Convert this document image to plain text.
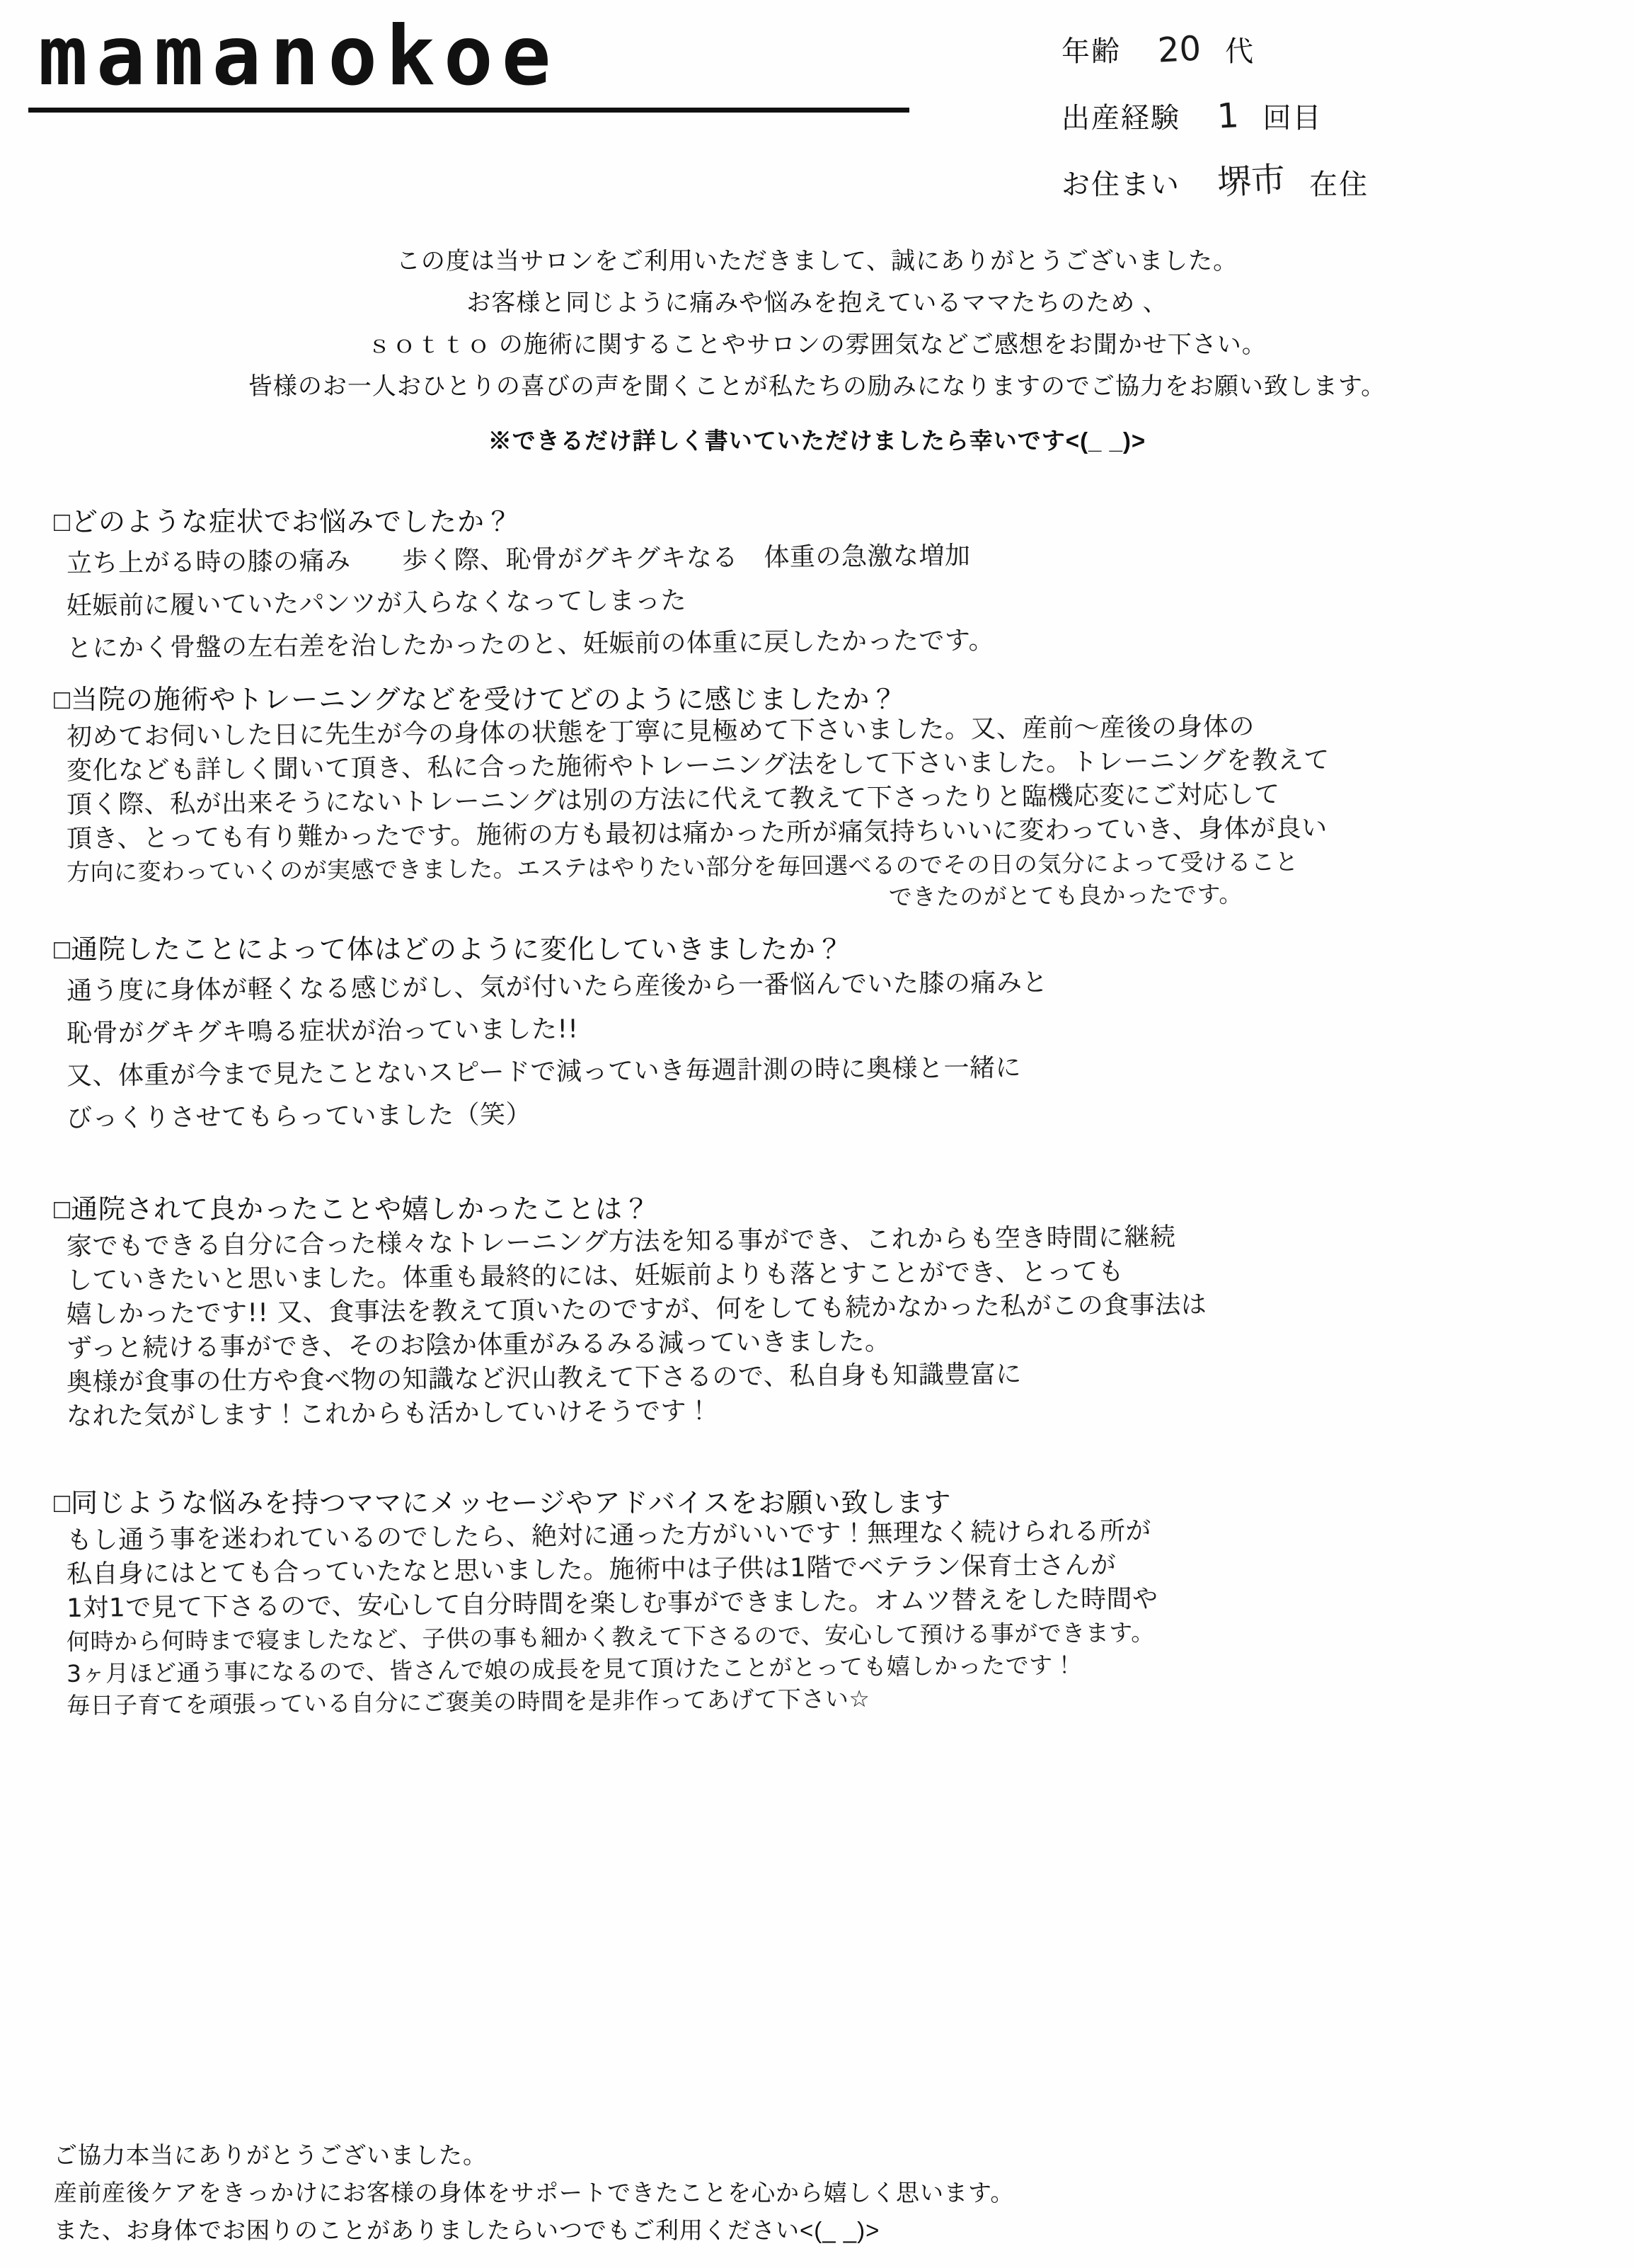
mamanokoe	年齢 20 代
出産経験 1 回目
お住まい 堺市 在住

この度は当サロンをご利用いただきまして、誠にありがとうございました。

お客様と同じように痛みや悩みを抱えているママたちのため 、

ｓｏｔｔｏ の施術に関することやサロンの雰囲気などご感想をお聞かせ下さい。

皆様のお一人おひとりの喜びの声を聞くことが私たちの励みになりますのでご協力をお願い致します。

※できるだけ詳しく書いていただけましたら幸いです<(_ _)>

□どのような症状でお悩みでしたか？
立ち上がる時の膝の痛み　　歩く際、恥骨がグキグキなる　体重の急激な増加
妊娠前に履いていたパンツが入らなくなってしまった
とにかく骨盤の左右差を治したかったのと、妊娠前の体重に戻したかったです。
□当院の施術やトレーニングなどを受けてどのように感じましたか？
初めてお伺いした日に先生が今の身体の状態を丁寧に見極めて下さいました。又、産前〜産後の身体の
変化なども詳しく聞いて頂き、私に合った施術やトレーニング法をして下さいました。トレーニングを教えて
頂く際、私が出来そうにないトレーニングは別の方法に代えて教えて下さったりと臨機応変にご対応して
頂き、とっても有り難かったです。施術の方も最初は痛かった所が痛気持ちいいに変わっていき、身体が良い
方向に変わっていくのが実感できました。エステはやりたい部分を毎回選べるのでその日の気分によって受けること
できたのがとても良かったです。
□通院したことによって体はどのように変化していきましたか？
通う度に身体が軽くなる感じがし、気が付いたら産後から一番悩んでいた膝の痛みと
恥骨がグキグキ鳴る症状が治っていました!!
又、体重が今まで見たことないスピードで減っていき毎週計測の時に奥様と一緒に
びっくりさせてもらっていました（笑）
□通院されて良かったことや嬉しかったことは？
家でもできる自分に合った様々なトレーニング方法を知る事ができ、これからも空き時間に継続
していきたいと思いました。体重も最終的には、妊娠前よりも落とすことができ、とっても
嬉しかったです!! 又、食事法を教えて頂いたのですが、何をしても続かなかった私がこの食事法は
ずっと続ける事ができ、そのお陰か体重がみるみる減っていきました。
奥様が食事の仕方や食べ物の知識など沢山教えて下さるので、私自身も知識豊富に
なれた気がします！これからも活かしていけそうです！
□同じような悩みを持つママにメッセージやアドバイスをお願い致します
もし通う事を迷われているのでしたら、絶対に通った方がいいです！無理なく続けられる所が
私自身にはとても合っていたなと思いました。施術中は子供は1階でベテラン保育士さんが
1対1で見て下さるので、安心して自分時間を楽しむ事ができました。オムツ替えをした時間や
何時から何時まで寝ましたなど、子供の事も細かく教えて下さるので、安心して預ける事ができます。
3ヶ月ほど通う事になるので、皆さんで娘の成長を見て頂けたことがとっても嬉しかったです！
毎日子育てを頑張っている自分にご褒美の時間を是非作ってあげて下さい☆

ご協力本当にありがとうございました。

産前産後ケアをきっかけにお客様の身体をサポートできたことを心から嬉しく思います。

また、お身体でお困りのことがありましたらいつでもご利用ください<(_ _)>
